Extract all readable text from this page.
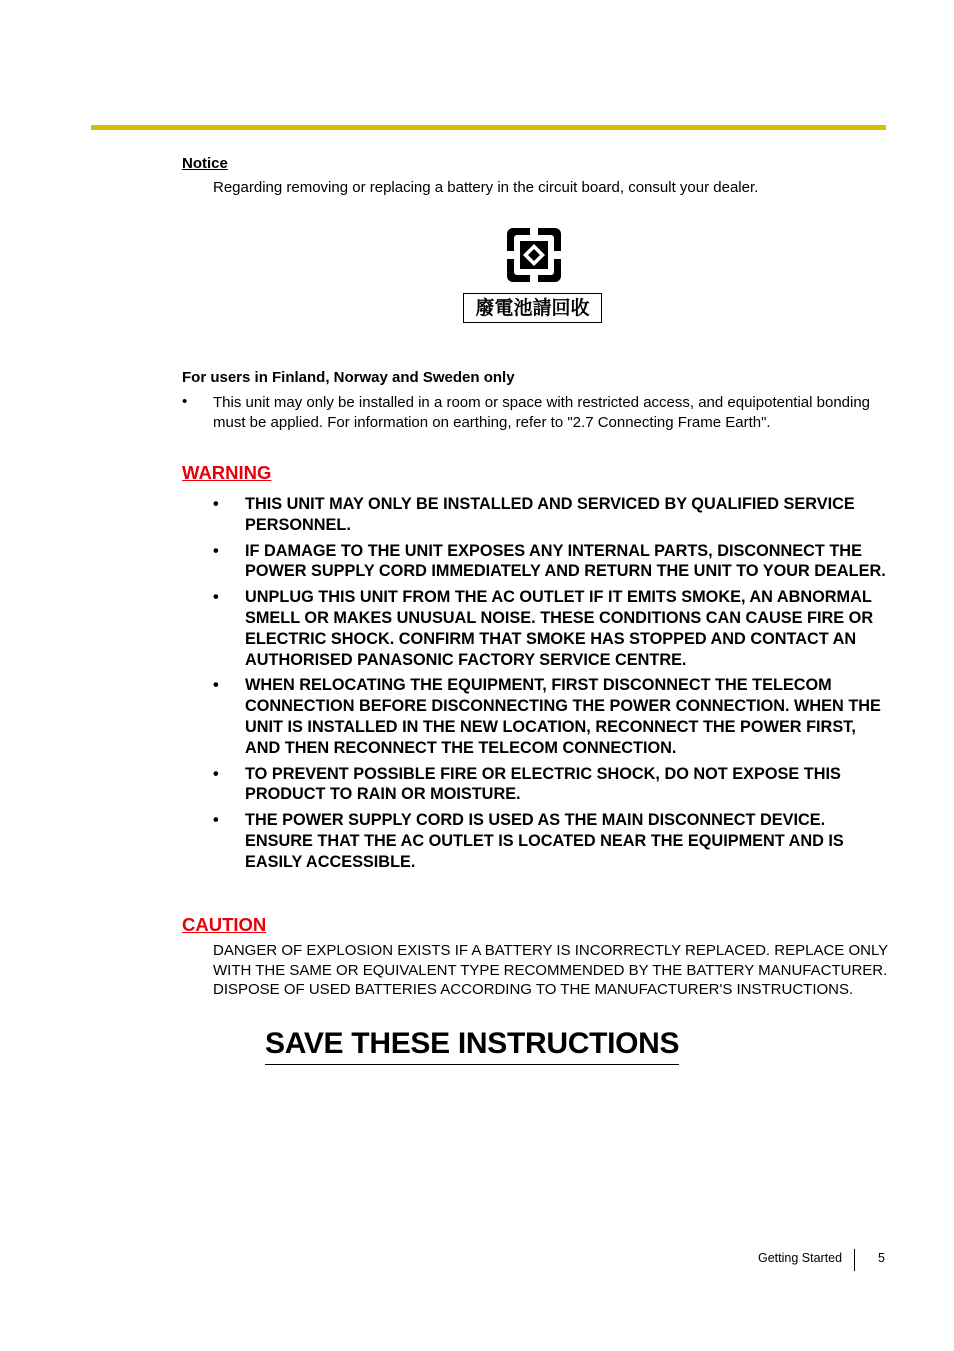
Notice
Regarding removing or replacing a battery in the circuit board, consult your dealer.
廢電池請回收
For users in Finland, Norway and Sweden only
• This unit may only be installed in a room or space with restricted access, and equipotential bonding must be applied. For information on earthing, refer to "2.7 Connecting Frame Earth".
WARNING
• THIS UNIT MAY ONLY BE INSTALLED AND SERVICED BY QUALIFIED SERVICE PERSONNEL.
• IF DAMAGE TO THE UNIT EXPOSES ANY INTERNAL PARTS, DISCONNECT THE POWER SUPPLY CORD IMMEDIATELY AND RETURN THE UNIT TO YOUR DEALER.
• UNPLUG THIS UNIT FROM THE AC OUTLET IF IT EMITS SMOKE, AN ABNORMAL SMELL OR MAKES UNUSUAL NOISE. THESE CONDITIONS CAN CAUSE FIRE OR ELECTRIC SHOCK. CONFIRM THAT SMOKE HAS STOPPED AND CONTACT AN AUTHORISED PANASONIC FACTORY SERVICE CENTRE.
• WHEN RELOCATING THE EQUIPMENT, FIRST DISCONNECT THE TELECOM CONNECTION BEFORE DISCONNECTING THE POWER CONNECTION. WHEN THE UNIT IS INSTALLED IN THE NEW LOCATION, RECONNECT THE POWER FIRST, AND THEN RECONNECT THE TELECOM CONNECTION.
• TO PREVENT POSSIBLE FIRE OR ELECTRIC SHOCK, DO NOT EXPOSE THIS PRODUCT TO RAIN OR MOISTURE.
• THE POWER SUPPLY CORD IS USED AS THE MAIN DISCONNECT DEVICE. ENSURE THAT THE AC OUTLET IS LOCATED NEAR THE EQUIPMENT AND IS EASILY ACCESSIBLE.
CAUTION
DANGER OF EXPLOSION EXISTS IF A BATTERY IS INCORRECTLY REPLACED. REPLACE ONLY WITH THE SAME OR EQUIVALENT TYPE RECOMMENDED BY THE BATTERY MANUFACTURER. DISPOSE OF USED BATTERIES ACCORDING TO THE MANUFACTURER'S INSTRUCTIONS.
SAVE THESE INSTRUCTIONS
Getting Started	5
